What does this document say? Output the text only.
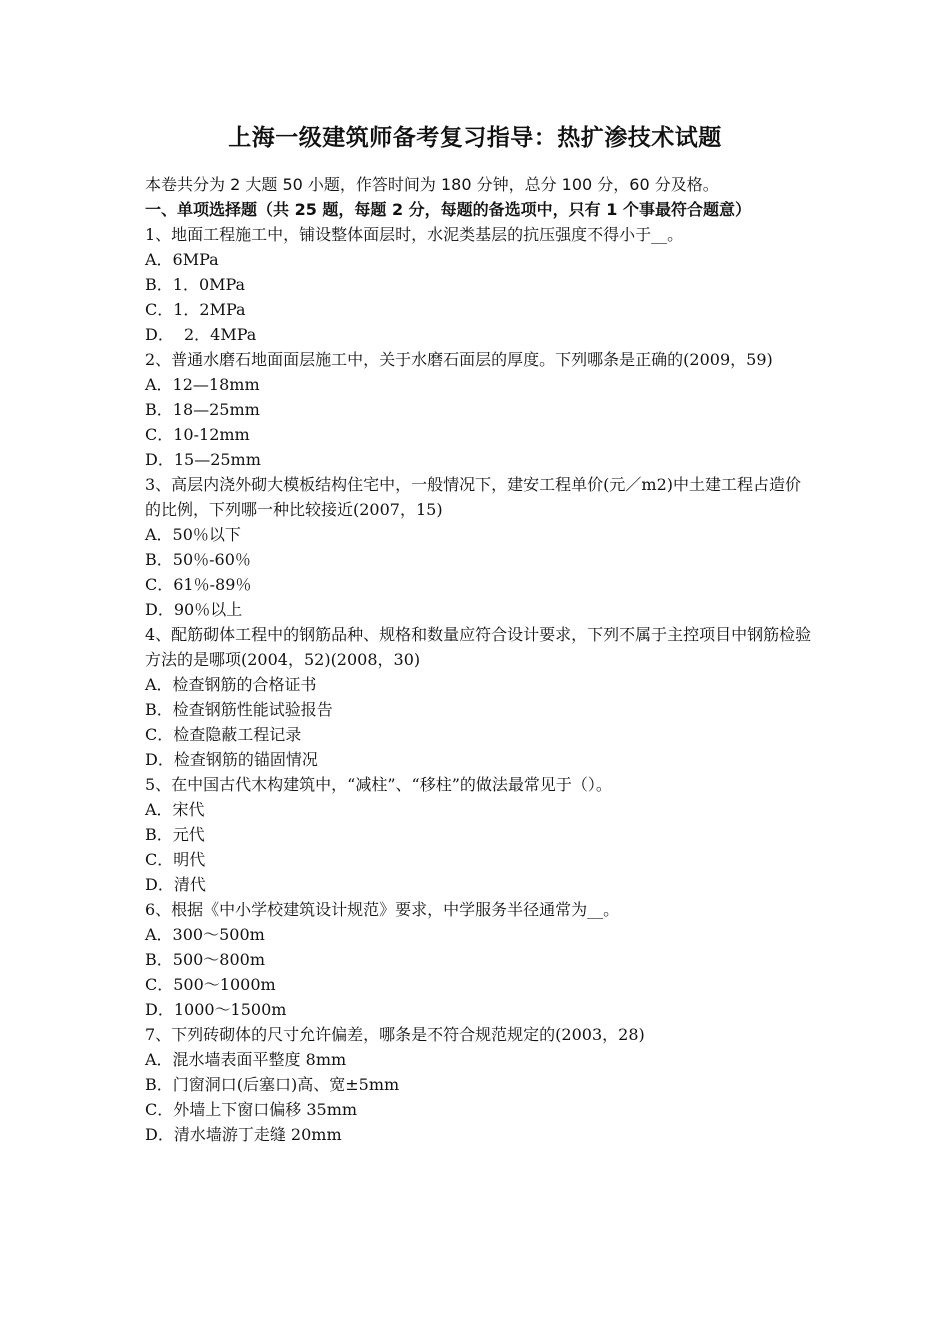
上海一级建筑师备考复习指导：热扩渗技术试题
本卷共分为 2 大题 50 小题，作答时间为 180 分钟，总分 100 分，60 分及格。
一、单项选择题（共 25 题，每题 2 分，每题的备选项中，只有 1 个事最符合题意）
1、地面工程施工中，铺设整体面层时，水泥类基层的抗压强度不得小于__。
A．6MPa
B．1．0MPa
C．1．2MPa
D．  2．4MPa
2、普通水磨石地面面层施工中，关于水磨石面层的厚度。下列哪条是正确的(2009，59)
A．12—18mm
B．18—25mm
C．10-12mm
D．15—25mm
3、高层内浇外砌大模板结构住宅中，一般情况下，建安工程单价(元／m2)中土建工程占造价的比例，下列哪一种比较接近(2007，15)
A．50％以下
B．50％-60％
C．61％-89％
D．90％以上
4、配筋砌体工程中的钢筋品种、规格和数量应符合设计要求，下列不属于主控项目中钢筋检验方法的是哪项(2004，52)(2008，30)
A．检查钢筋的合格证书
B．检查钢筋性能试验报告
C．检查隐蔽工程记录
D．检查钢筋的锚固情况
5、在中国古代木构建筑中，“减柱”、“移柱”的做法最常见于（）。
A．宋代
B．元代
C．明代
D．清代
6、根据《中小学校建筑设计规范》要求，中学服务半径通常为__。
A．300～500m
B．500～800m
C．500～1000m
D．1000～1500m
7、下列砖砌体的尺寸允许偏差，哪条是不符合规范规定的(2003，28)
A．混水墙表面平整度 8mm
B．门窗洞口(后塞口)高、宽±5mm
C．外墙上下窗口偏移 35mm
D．清水墙游丁走缝 20mm
